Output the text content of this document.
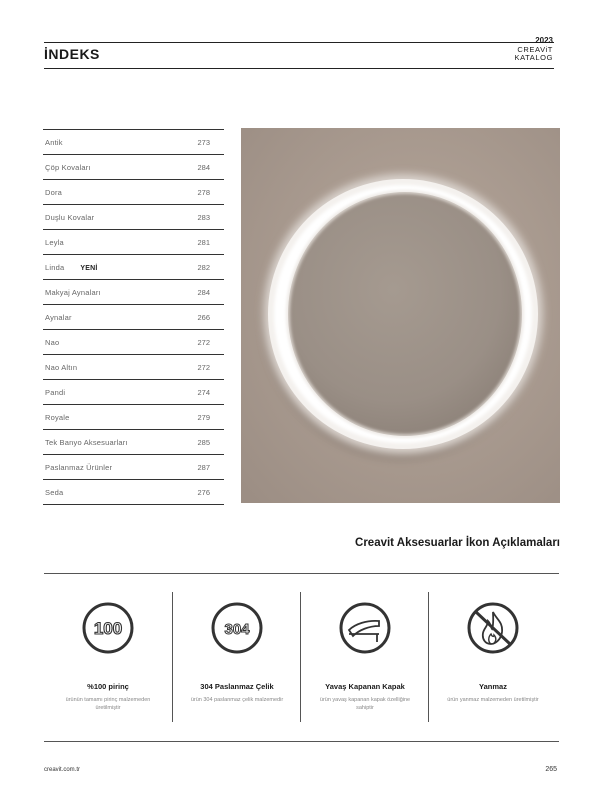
İNDEKS
2023
CREAViT
KATALOG
Antik	273
Çöp Kovaları	284
Dora	278
Duşlu Kovalar	283
Leyla	281
Linda YENİ	282
Makyaj Aynaları	284
Aynalar	266
Nao	272
Nao Altın	272
Pandi	274
Royale	279
Tek Banyo Aksesuarları	285
Paslanmaz Ürünler	287
Seda	276
Creavit Aksesuarlar İkon Açıklamaları
100
%100 pirinç
ürünün tamamı pirinç malzemeden üretilmiştir
304
304 Paslanmaz Çelik
ürün 304 paslanmaz çelik malzemedir
Yavaş Kapanan Kapak
ürün yavaş kapanan kapak özelliğine sahiptir
Yanmaz
ürün yanmaz malzemeden üretilmiştir
creavit.com.tr	265
